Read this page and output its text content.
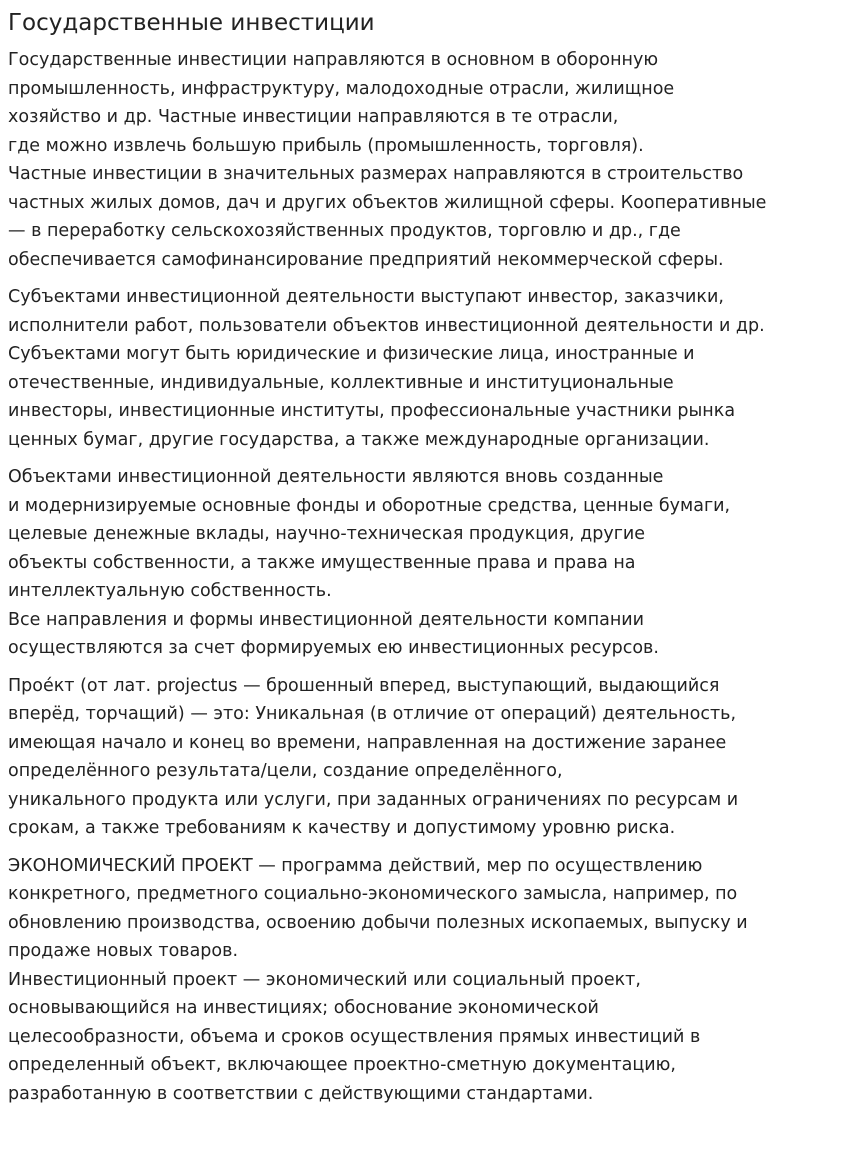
Государственные инвестиции
Государственные инвестиции направляются в основном в оборонную
промышленность, инфраструктуру, малодоходные отрасли, жилищное
хозяйство и др. Частные инвестиции направляются в те отрасли,
где можно извлечь большую прибыль (промышленность, торговля).
Частные инвестиции в значительных размерах направляются в строительство
частных жилых домов, дач и других объектов жилищной сферы. Кооперативные
— в переработку сельскохозяйственных продуктов, торговлю и др., где
обеспечивается самофинансирование предприятий некоммерческой сферы.
Субъектами инвестиционной деятельности выступают инвестор, заказчики,
исполнители работ, пользователи объектов инвестиционной деятельности и др.
Субъектами могут быть юридические и физические лица, иностранные и
отечественные, индивидуальные, коллективные и институциональные
инвесторы, инвестиционные институты, профессиональные участники рынка
ценных бумаг, другие государства, а также международные организации.
Объектами инвестиционной деятельности являются вновь созданные
и модернизируемые основные фонды и оборотные средства, ценные бумаги,
целевые денежные вклады, научно-техническая продукция, другие
объекты собственности, а также имущественные права и права на
интеллектуальную собственность.
Все направления и формы инвестиционной деятельности компании
осуществляются за счет формируемых ею инвестиционных ресурсов.
Прое́кт (от лат. projectus — брошенный вперед, выступающий, выдающийся
вперёд, торчащий) — это: Уникальная (в отличие от операций) деятельность,
имеющая начало и конец во времени, направленная на достижение заранее
определённого результата/цели, создание определённого,
уникального продукта или услуги, при заданных ограничениях по ресурсам и
срокам, а также требованиям к качеству и допустимому уровню риска.
ЭКОНОМИЧЕСКИЙ ПРОЕКТ — программа действий, мер по осуществлению
конкретного, предметного социально-экономического замысла, например, по
обновлению производства, освоению добычи полезных ископаемых, выпуску и
продаже новых товаров.
Инвестиционный проект — экономический или социальный проект,
основывающийся на инвестициях; обоснование экономической
целесообразности, объема и сроков осуществления прямых инвестиций в
определенный объект, включающее проектно-сметную документацию,
разработанную в соответствии с действующими стандартами.
